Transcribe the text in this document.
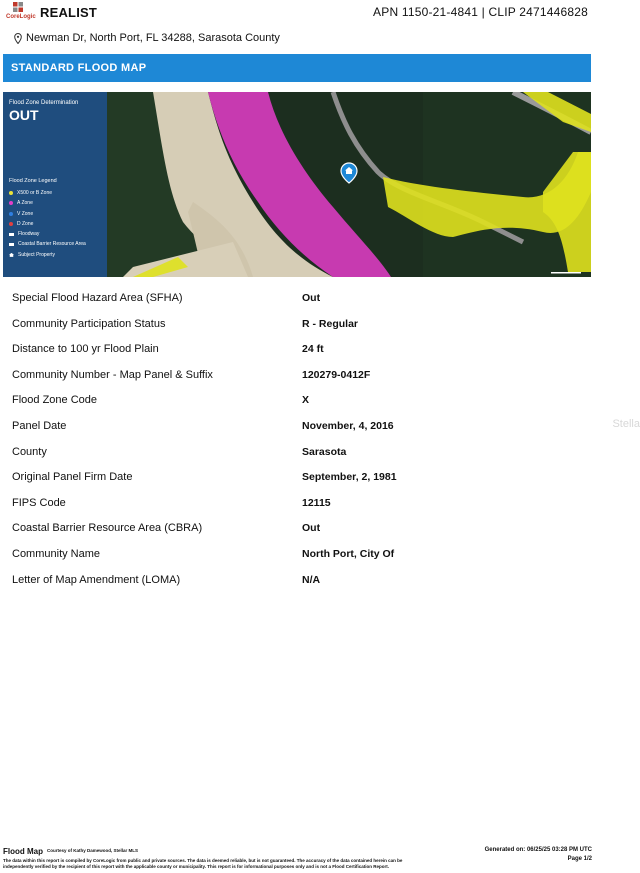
CoreLogic REALIST	APN 1150-21-4841 | CLIP 2471446828
Newman Dr, North Port, FL 34288, Sarasota County
STANDARD FLOOD MAP
Flood Zone Determination
OUT
Flood Zone Legend
X500 or B Zone
A Zone
V Zone
D Zone
Floodway
Coastal Barrier Resource Area
Subject Property
Special Flood Hazard Area (SFHA)	Out
Community Participation Status	R - Regular
Distance to 100 yr Flood Plain	24 ft
Community Number - Map Panel & Suffix	120279-0412F
Flood Zone Code	X
Panel Date	November, 4, 2016
County	Sarasota
Original Panel Firm Date	September, 2, 1981
FIPS Code	12115
Coastal Barrier Resource Area (CBRA)	Out
Community Name	North Port, City Of
Letter of Map Amendment (LOMA)	N/A
Stella
Flood Map Courtesy of Kathy Damewood, Stellar MLS
The data within this report is compiled by CoreLogic from public and private sources. The data is deemed reliable, but is not guaranteed. The accuracy of the data contained herein can be
independently verified by the recipient of this report with the applicable county or municipality. This report is for informational purposes only and is not a Flood Certification Report.
Generated on: 06/25/25 03:28 PM UTC
Page 1/2
